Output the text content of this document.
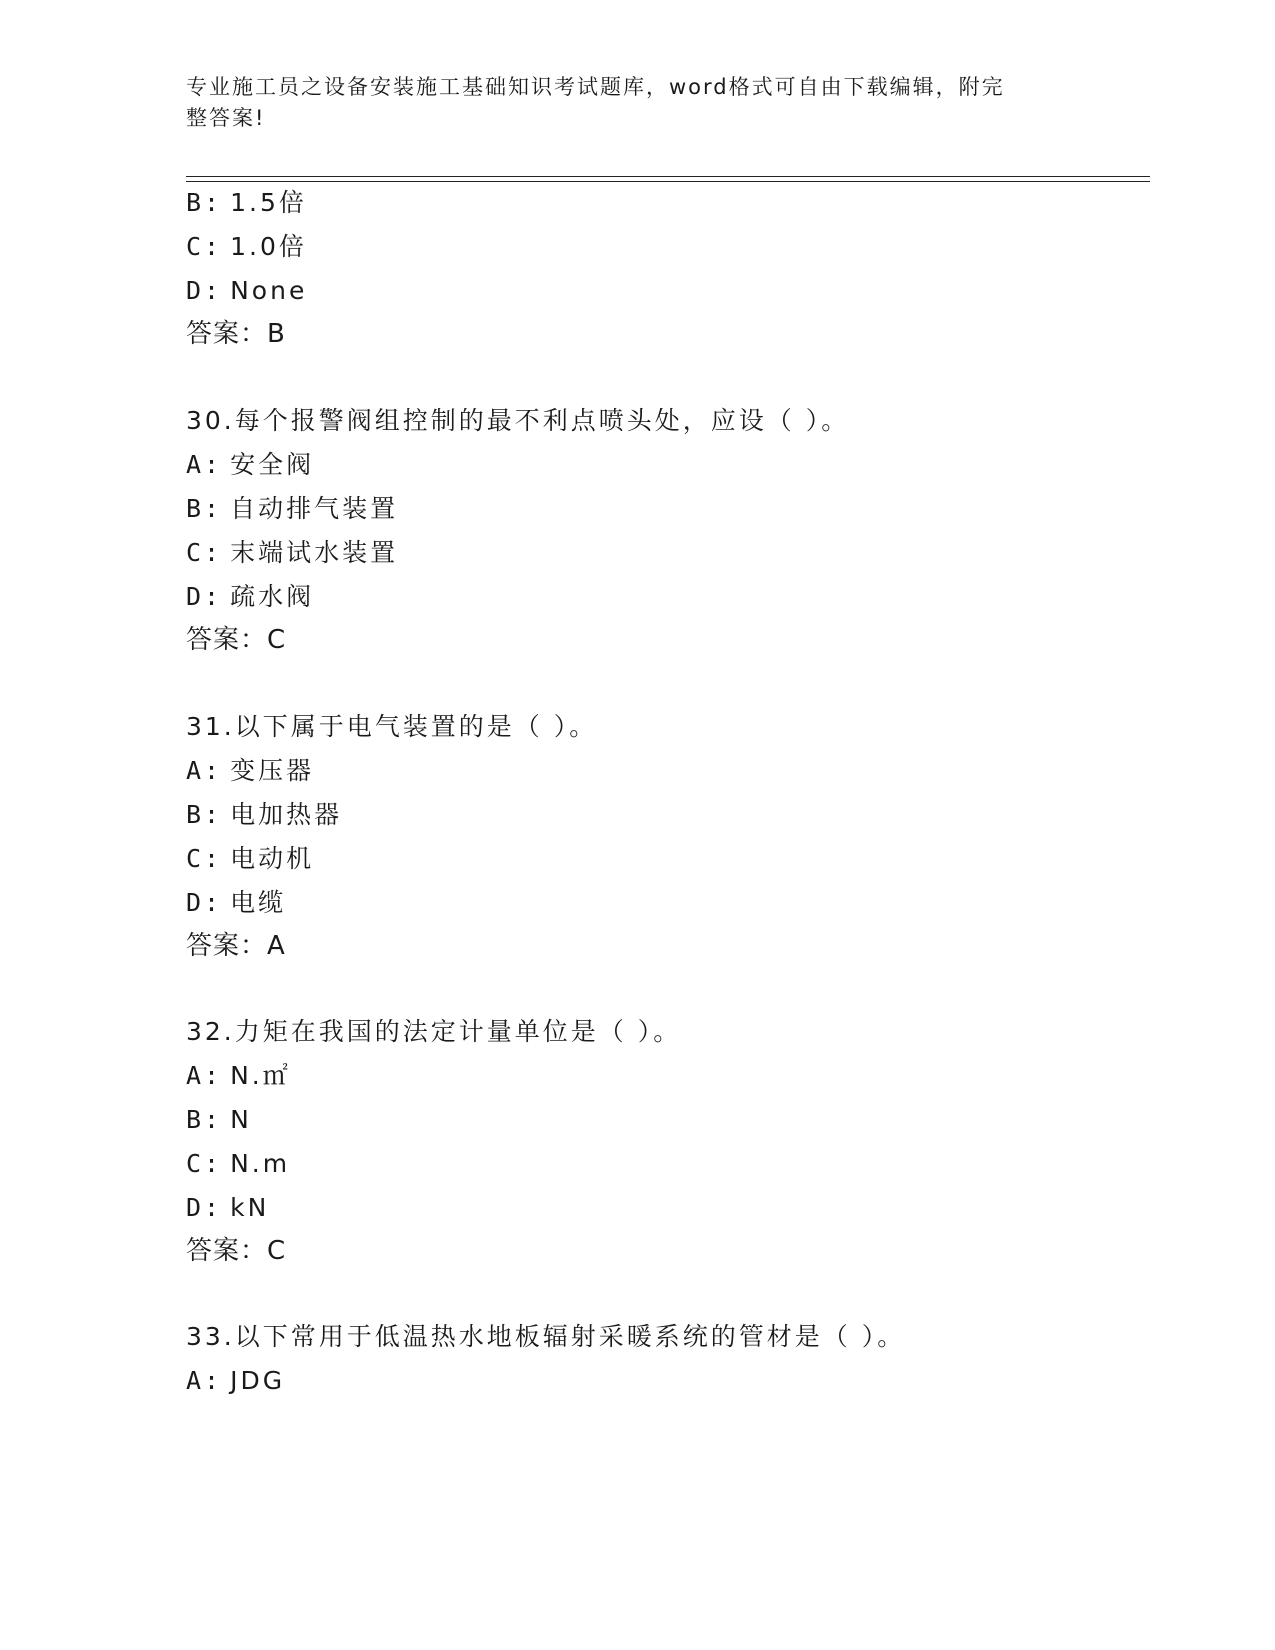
专业施工员之设备安装施工基础知识考试题库，word格式可自由下载编辑，附完
整答案!
B: 1.5倍
C: 1.0倍
D: None
答案：B
30.每个报警阀组控制的最不利点喷头处，应设（ ）。
A: 安全阀
B: 自动排气装置
C: 末端试水装置
D: 疏水阀
答案：C
31.以下属于电气装置的是（ ）。
A: 变压器
B: 电加热器
C: 电动机
D: 电缆
答案：A
32.力矩在我国的法定计量单位是（ ）。
A: N.㎡
B: N
C: N.m
D: kN
答案：C
33.以下常用于低温热水地板辐射采暖系统的管材是（ ）。
A: JDG
